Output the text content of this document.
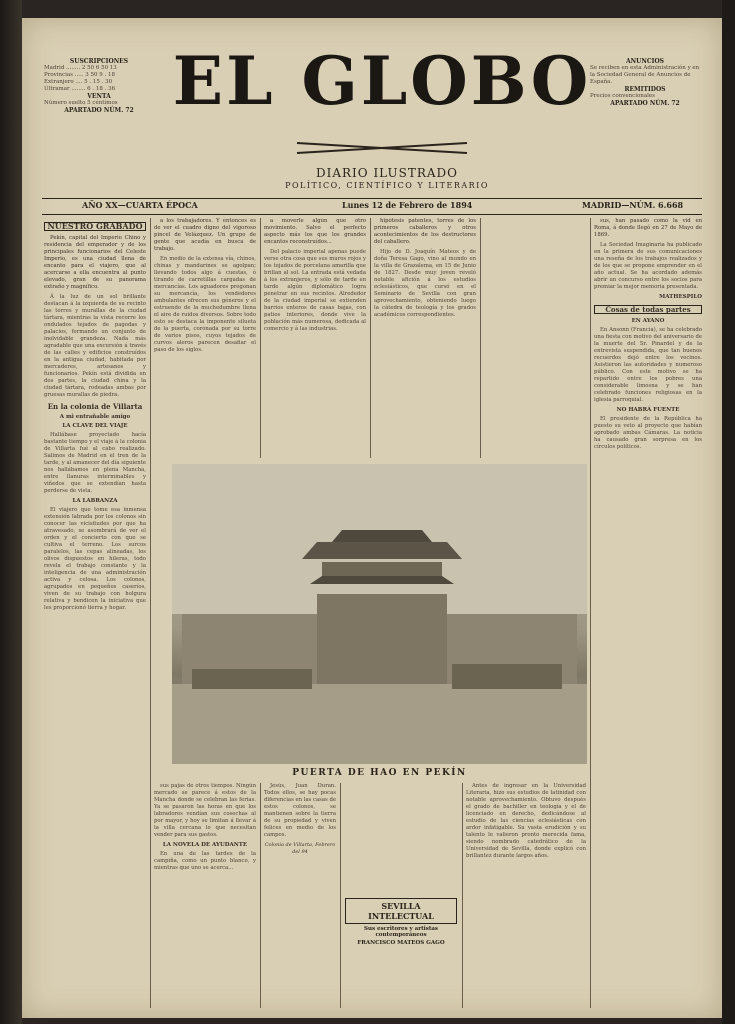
SUSCRIPCIONES
Madrid ........ 2 50 6 50 13
Provincias ..... 3 50 9 . 18
Extranjero .... 5 . 15 . 30
Ultramar ........ 6 . 18 . 36
VENTA
Número suelto 5 céntimos
APARTADO NÚM. 72
ANUNCIOS
Se reciben en esta Administración y en la Sociedad General de Anuncios de España.
REMITIDOS
Precios convencionales
APARTADO NÚM. 72
EL GLOBO
DIARIO ILUSTRADO
POLÍTICO, CIENTÍFICO Y LITERARIO
AÑO XX—CUARTA ÉPOCA	Lunes 12 de Febrero de 1894	MADRID—NÚM. 6.668
NUESTRO GRABADO

Pekín, capital del Imperio Chino y residencia del emperador y de los principales funcionarios del Celeste Imperio, es una ciudad llena de encanto para el viajero, que al acercarse a ella encuentra al punto elevado, gran de su panorama extraño y magnífico.

Á la luz de un sol brillante destacan á la izquierda de su recinto las torres y murallas de la ciudad tártara, mientras la vista recorre los ondulados tejados de pagodas y palacios, formando un conjunto de inolvidable grandeza. Nada más agradable que una excursión á través de las calles y edificios construídos en la antigua ciudad, habitada por mercaderes, artesanos y funcionarios. Pekín está dividida en dos partes, la ciudad china y la ciudad tártara, rodeadas ambas por gruesas murallas de piedra.

En la colonia de Villarta
A mi entrañable amigo
LA CLAVE DEL VIAJE

Hallábase proyectado hacía bastante tiempo y el viaje á la colonia de Villarta fué al cabo realizado. Salimos de Madrid en el tren de la tarde, y al amanecer del día siguiente nos hallábamos en plena Mancha, entre llanuras interminables y viñedos que se extendían hasta perderse de vista.

LA LABRANZA

El viajero que tome esa inmensa extensión labrada por los colonos sin conocer las vicisitudes por que ha atravesado, se asombrará de ver el orden y el concierto con que se cultiva el terreno. Los surcos paralelos, las cepas alineadas, los olivos dispuestos en hileras, todo revela el trabajo constante y la inteligencia de una administración activa y celosa. Los colonos, agrupados en pequeños caseríos, viven de su trabajo con holgura relativa y bendicen la iniciativa que les proporcionó tierra y hogar.

a los trabajadores. Y entonces es de ver el cuadro digno del vigoroso pincel de Velázquez. Un grupo de gente que acudía en busca de trabajo.

En medio de la extensa vía, chinos, chinas y mandarines se agolpan; llevando todos algo á cuestas, ó tirando de carretillas cargadas de mercancías. Los aguadores pregonan su mercancía, los vendedores ambulantes ofrecen sus géneros y el estruendo de la muchedumbre llena el aire de ruidos diversos. Sobre todo esto se destaca la imponente silueta de la puerta, coronada por su torre de varios pisos, cuyos tejados de curvos aleros parecen desafiar el paso de los siglos.

a moverle algún que otro movimiento. Salvo el perfecto aspecto más los que los grandes encantos reconstruídos...

Del palacio imperial apenas puede verse otra cosa que sus muros rojos y los tejados de porcelana amarilla que brillan al sol. La entrada está vedada á los extranjeros, y sólo de tarde en tarde algún diplomático logra penetrar en sus recintos. Alrededor de la ciudad imperial se extienden barrios enteros de casas bajas, con patios interiores, donde vive la población más numerosa, dedicada al comercio y á las industrias.

hipótesis patentes, torres de los primeros caballeros y otros acontecimientos de los destructores del caballero.

Hijo de D. Joaquín Mateos y de doña Teresa Gago, vino al mundo en la villa de Grazalema, en 15 de Junio de 1827. Desde muy joven reveló notable afición á los estudios eclesiásticos, que cursó en el Seminario de Sevilla con gran aprovechamiento, obteniendo luego la cátedra de teología y los grados académicos correspondientes.

sus, han pasado como la vid en Roma, á donde llegó en 27 de Mayo de 1869.

La Sociedad Imaginaria ha publicado en la primera de sus comunicaciones una reseña de los trabajos realizados y de los que se propone emprender en el año actual. Se ha acordado además abrir un concurso entre los socios para premiar la mejor memoria presentada.

MATHESPILO
Cosas de todas partes
EN AYANO

En Ansonn (Francia), se ha celebrado una fiesta con motivo del aniversario de la muerte del Sr. Pinardel y de la entrevista suspendida, que tan buenos recuerdos dejó entre los vecinos. Asistieron las autoridades y numeroso público. Con este motivo se ha repartido entre los pobres una considerable limosna y se han celebrado funciones religiosas en la iglesia parroquial.

NO HABRÁ FUENTE

El presidente de la República ha puesto su veto al proyecto que habían aprobado ambas Cámaras. La noticia ha causado gran sorpresa en los círculos políticos.

PUERTA DE HAO EN PEKÍN

sus pajas de otros tiempos. Ningún mercado se parece á estos de la Mancha donde se celebran las ferias. Ya se pasaron las horas en que los labradores vendían sus cosechas al por mayor, y hoy se limitan á llevar á la villa cercana lo que necesitan vender para sus gastos.

LA NOVELA DE AYUDANTE

En una de las tardes de la campiña, como un punto blanco, y mientras que uno se acerca...

Jesús, Juan Duran. Todos ellos, se hay pocas diferencias en las casas de estos colonos, se mantienen sobre la tierra de su propiedad y viven felices en medio de los campos.

Colonia de Villarta, Febrero del 94
SEVILLA INTELECTUAL
Sus escritores y artistas contemporáneos
FRANCISCO MATEOS GAGO

Antes de ingresar en la Universidad Literaria, hizo sus estudios de latinidad con notable aprovechamiento. Obtuvo después el grado de bachiller en teología y el de licenciado en derecho, dedicándose al estudio de las ciencias eclesiásticas con ardor infatigable. Su vasta erudición y su talento le valieron pronto merecida fama, siendo nombrado catedrático de la Universidad de Sevilla, donde explicó con brillantez durante largos años.
